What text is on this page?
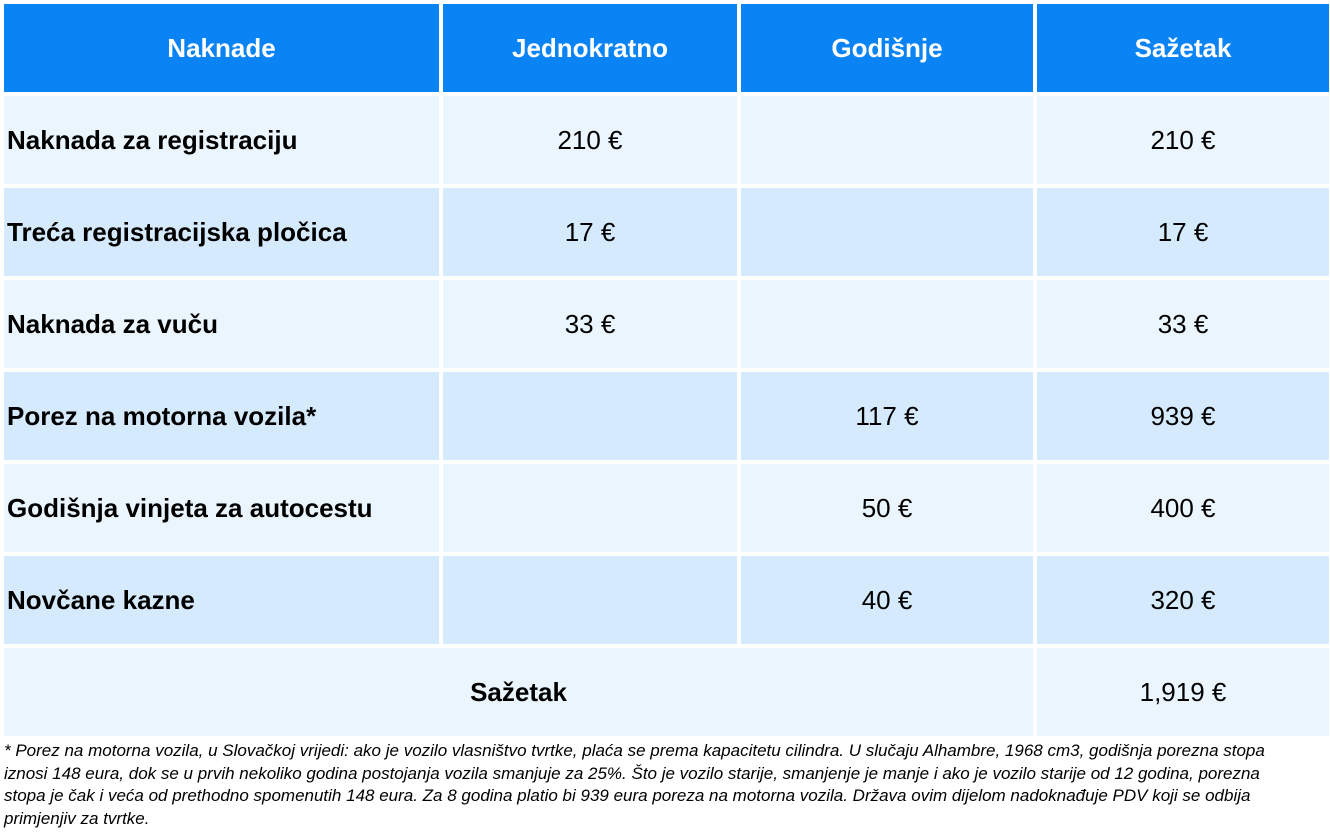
Naknade	Jednokratno	Godišnje	Sažetak
Naknada za registraciju	210 €		210 €
Treća registracijska pločica	17 €		17 €
Naknada za vuču	33 €		33 €
Porez na motorna vozila*		117 €	939 €
Godišnja vinjeta za autocestu		50 €	400 €
Novčane kazne		40 €	320 €
Sažetak			1,919 €
* Porez na motorna vozila, u Slovačkoj vrijedi: ako je vozilo vlasništvo tvrtke, plaća se prema kapacitetu cilindra. U slučaju Alhambre, 1968 cm3, godišnja porezna stopa iznosi 148 eura, dok se u prvih nekoliko godina postojanja vozila smanjuje za 25%. Što je vozilo starije, smanjenje je manje i ako je vozilo starije od 12 godina, porezna stopa je čak i veća od prethodno spomenutih 148 eura. Za 8 godina platio bi 939 eura poreza na motorna vozila. Država ovim dijelom nadoknađuje PDV koji se odbija primjenjiv za tvrtke.
